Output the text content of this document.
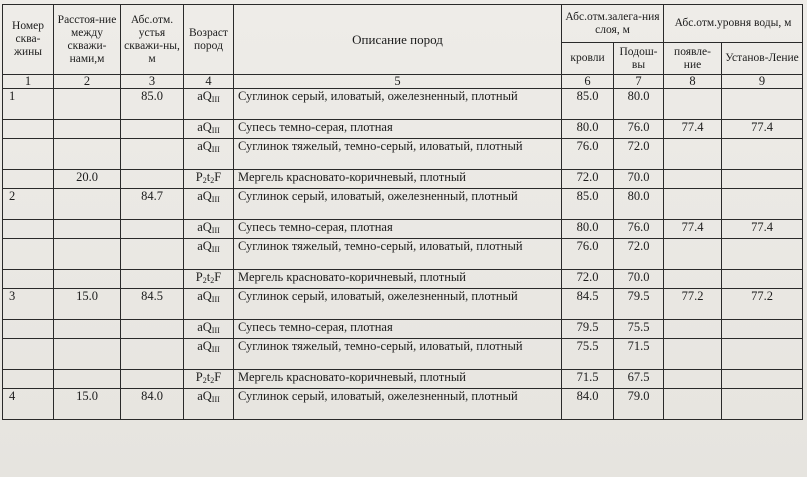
Номер сква-жины	Расстоя-ние между скважи-нами,м	Абс.отм. устья скважи-ны, м	Возраст пород	Описание пород	Абс.отм.залега-ния слоя, м		Абс.отм.уровня воды, м	
					кровли	Подош-вы	появле-ние	Установ-Ление
1	2	3	4	5	6	7	8	9
1		85.0	$aQ_{III}$	Суглинок серый, иловатый, ожелезненный, плотный	85.0	80.0		
			$aQ_{III}$	Супесь темно-серая, плотная	80.0	76.0	77.4	77.4
			$aQ_{III}$	Суглинок тяжелый, темно-серый, иловатый, плотный	76.0	72.0		
	20.0		$P_2t_2F$	Мергель красновато-коричневый, плотный	72.0	70.0		
2		84.7	$aQ_{III}$	Суглинок серый, иловатый, ожелезненный, плотный	85.0	80.0		
			$aQ_{III}$	Супесь темно-серая, плотная	80.0	76.0	77.4	77.4
			$aQ_{III}$	Суглинок тяжелый, темно-серый, иловатый, плотный	76.0	72.0		
			$P_2t_2F$	Мергель красновато-коричневый, плотный	72.0	70.0		
3	15.0	84.5	$aQ_{III}$	Суглинок серый, иловатый, ожелезненный, плотный	84.5	79.5	77.2	77.2
			$aQ_{III}$	Супесь темно-серая, плотная	79.5	75.5		
			$aQ_{III}$	Суглинок тяжелый, темно-серый, иловатый, плотный	75.5	71.5		
			$P_2t_2F$	Мергель красновато-коричневый, плотный	71.5	67.5		
4	15.0	84.0	$aQ_{III}$	Суглинок серый, иловатый, ожелезненный, плотный	84.0	79.0		
